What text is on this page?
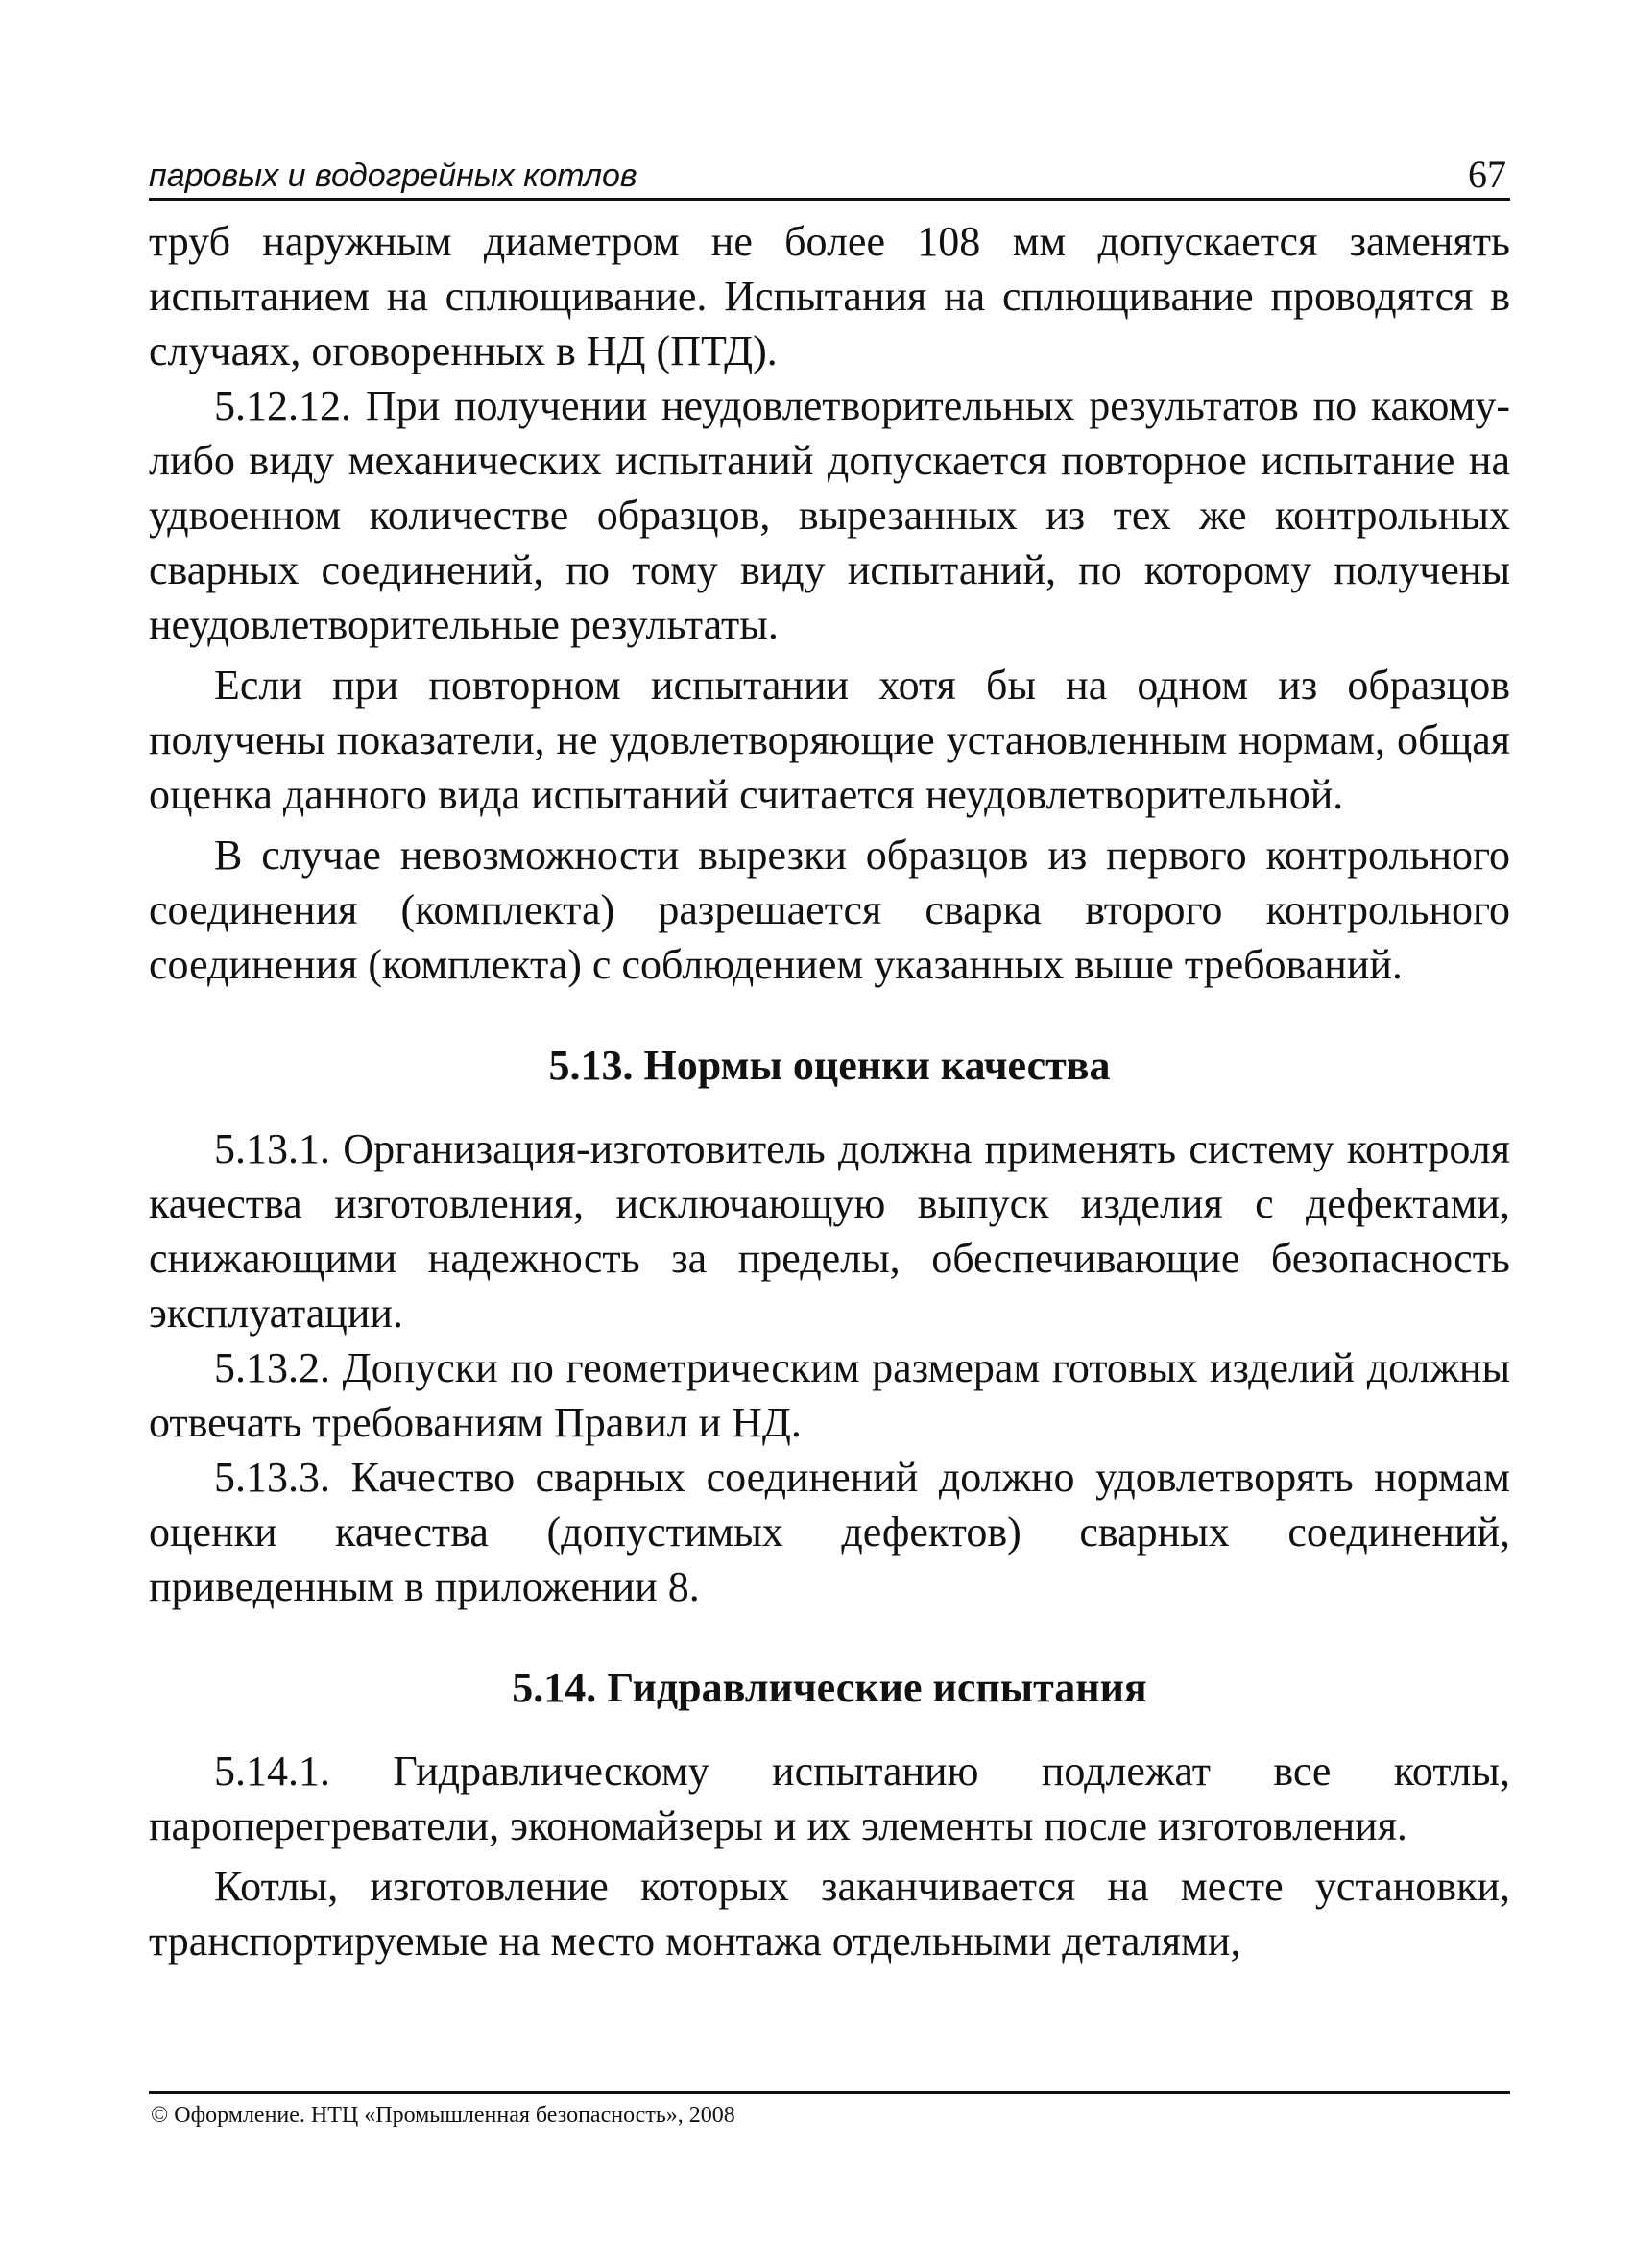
паровых и водогрейных котлов	67

труб наружным диаметром не более 108 мм допускается заменять испытанием на сплющивание. Испытания на сплющивание проводятся в случаях, оговоренных в НД (ПТД).

5.12.12. При получении неудовлетворительных результатов по какому-либо виду механических испытаний допускается повторное испытание на удвоенном количестве образцов, вырезанных из тех же контрольных сварных соединений, по тому виду испытаний, по которому получены неудовлетворительные результаты.

Если при повторном испытании хотя бы на одном из образцов получены показатели, не удовлетворяющие установленным нормам, общая оценка данного вида испытаний считается неудовлетворительной.

В случае невозможности вырезки образцов из первого контрольного соединения (комплекта) разрешается сварка второго контрольного соединения (комплекта) с соблюдением указанных выше требований.

5.13. Нормы оценки качества

5.13.1. Организация-изготовитель должна применять систему контроля качества изготовления, исключающую выпуск изделия с дефектами, снижающими надежность за пределы, обеспечивающие безопасность эксплуатации.

5.13.2. Допуски по геометрическим размерам готовых изделий должны отвечать требованиям Правил и НД.

5.13.3. Качество сварных соединений должно удовлетворять нормам оценки качества (допустимых дефектов) сварных соединений, приведенным в приложении 8.

5.14. Гидравлические испытания

5.14.1. Гидравлическому испытанию подлежат все котлы, пароперегреватели, экономайзеры и их элементы после изготовления.

Котлы, изготовление которых заканчивается на месте установки, транспортируемые на место монтажа отдельными деталями,

© Оформление. НТЦ «Промышленная безопасность», 2008
